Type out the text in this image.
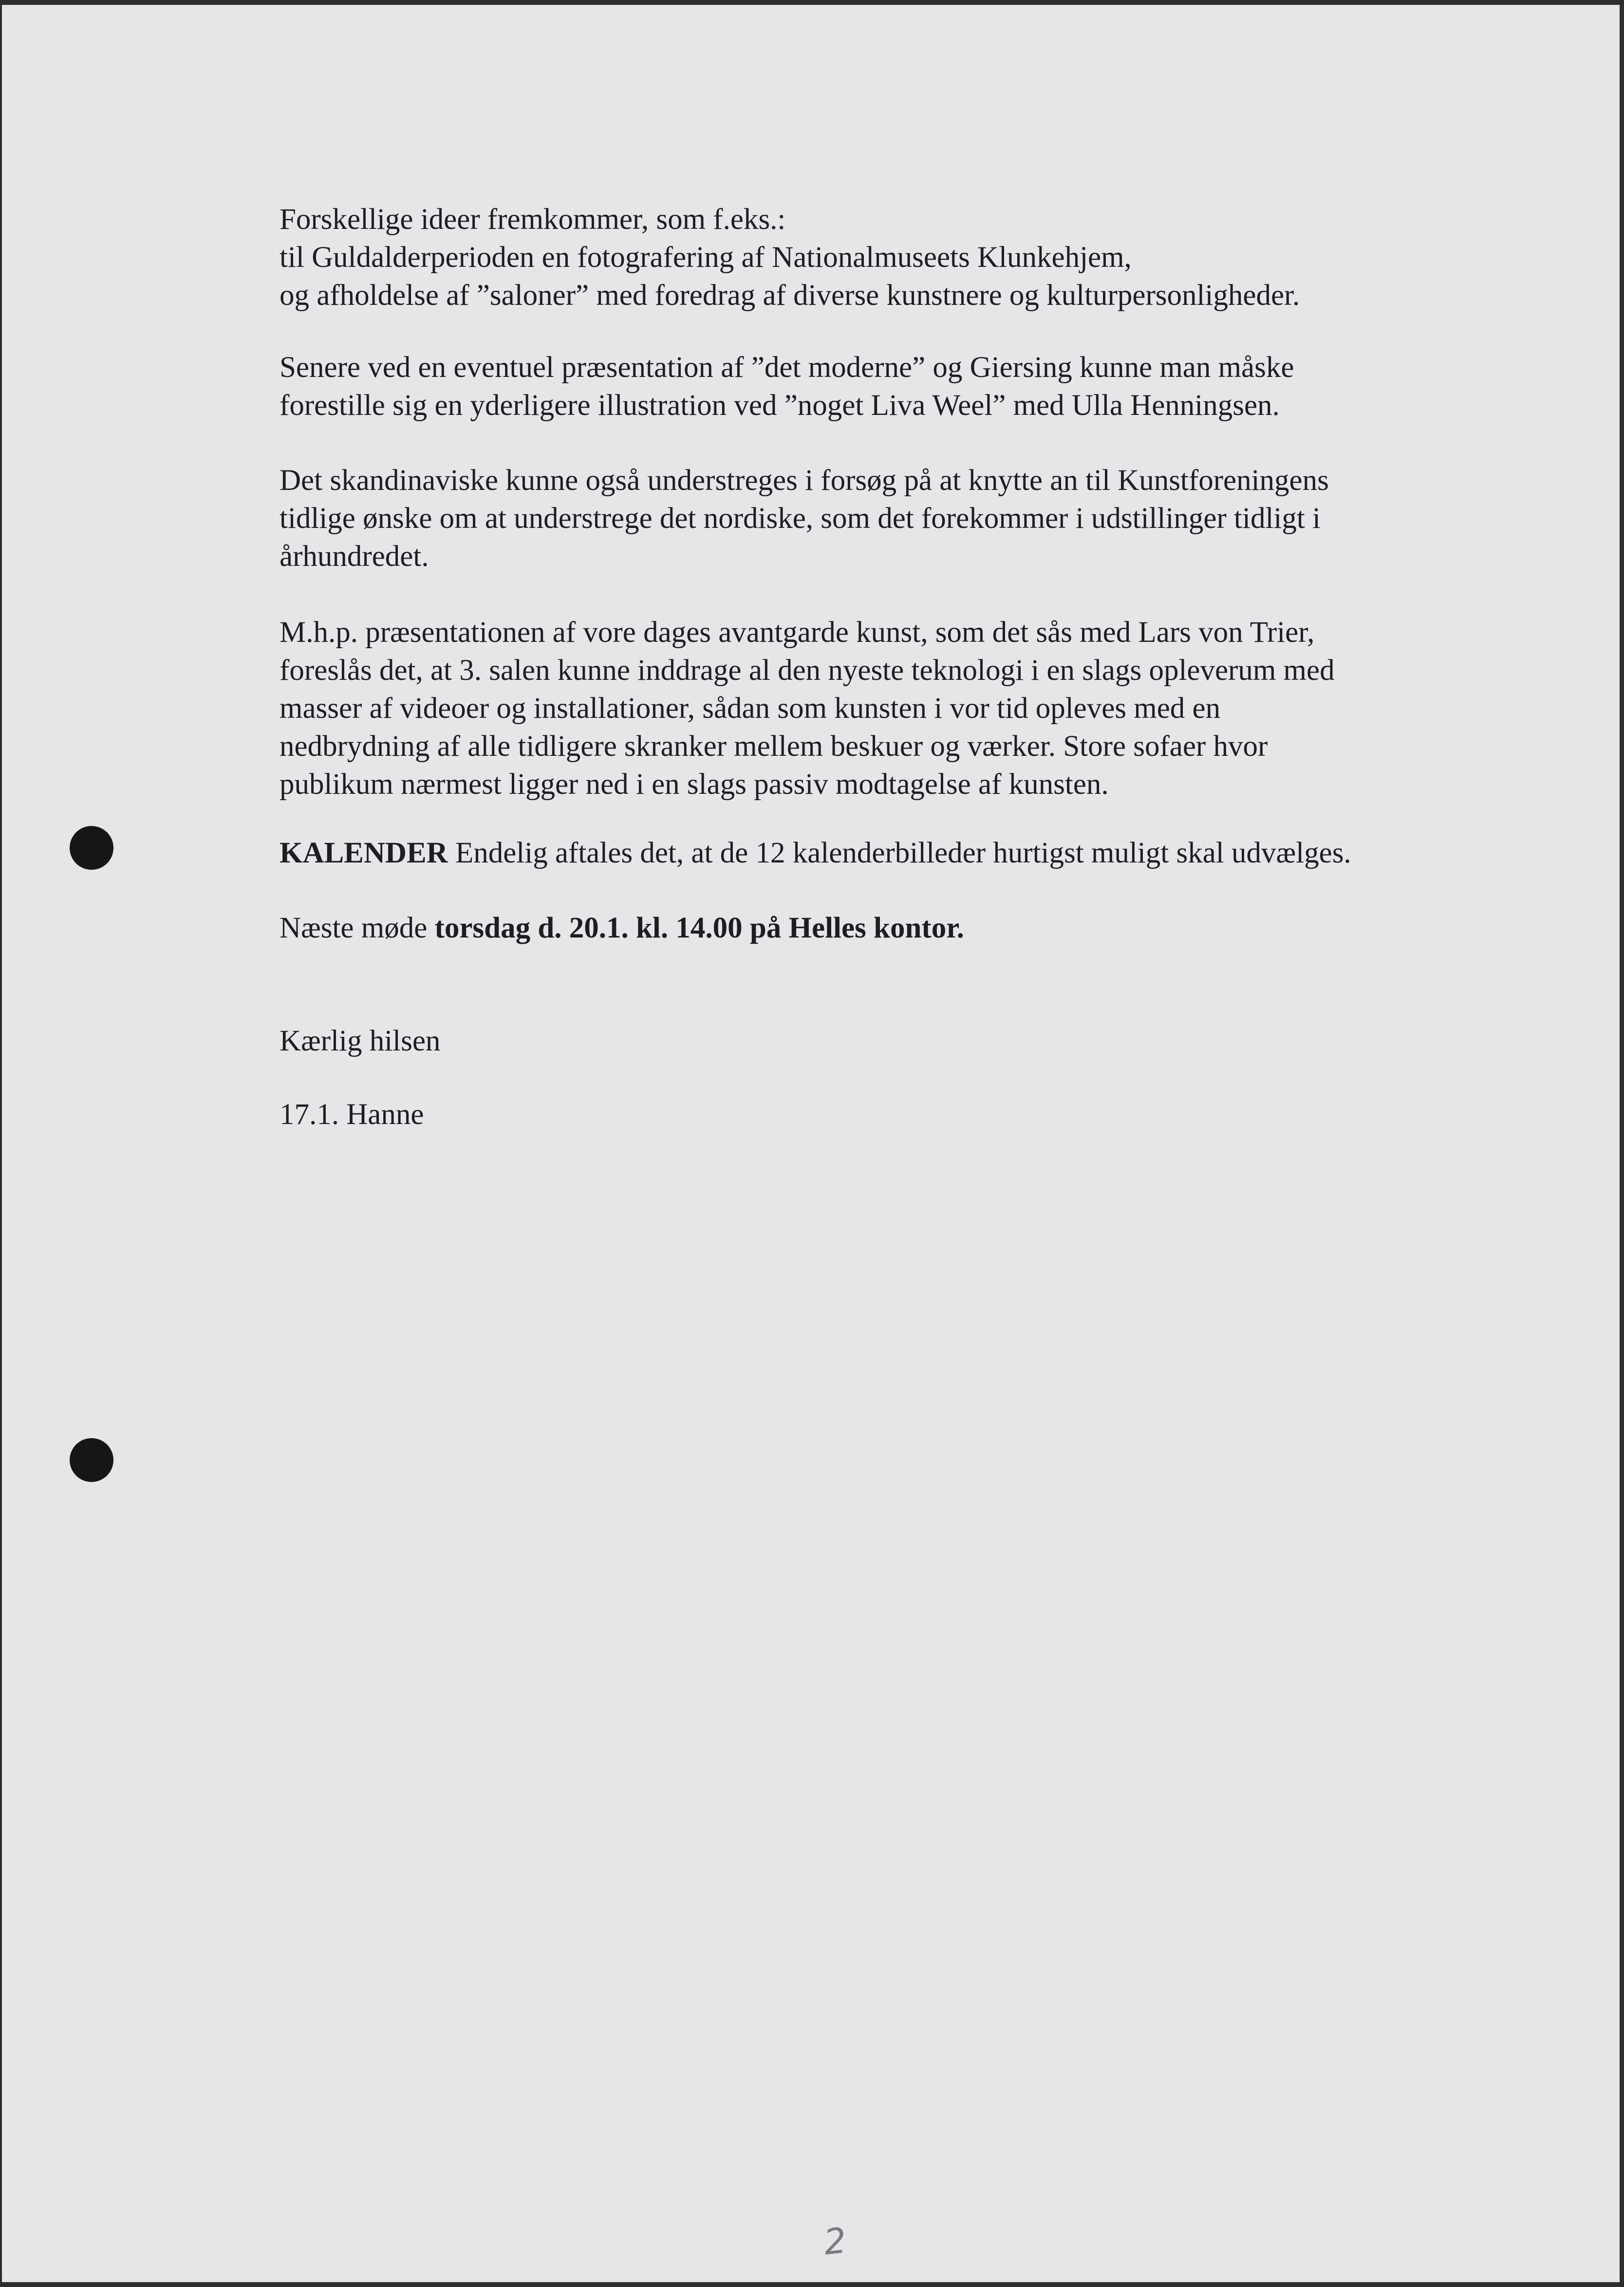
Forskellige ideer fremkommer, som f.eks.:
til Guldalderperioden en fotografering af Nationalmuseets Klunkehjem,
og afholdelse af ”saloner” med foredrag af diverse kunstnere og kulturpersonligheder.

Senere ved en eventuel præsentation af ”det moderne” og Giersing kunne man måske
forestille sig en yderligere illustration ved ”noget Liva Weel” med Ulla Henningsen.

Det skandinaviske kunne også understreges i forsøg på at knytte an til Kunstforeningens
tidlige ønske om at understrege det nordiske, som det forekommer i udstillinger tidligt i
århundredet.

M.h.p. præsentationen af vore dages avantgarde kunst, som det sås med Lars von Trier,
foreslås det, at 3. salen kunne inddrage al den nyeste teknologi i en slags opleverum med
masser af videoer og installationer, sådan som kunsten i vor tid opleves med en
nedbrydning af alle tidligere skranker mellem beskuer og værker. Store sofaer hvor
publikum nærmest ligger ned i en slags passiv modtagelse af kunsten.

KALENDER Endelig aftales det, at de 12 kalenderbilleder hurtigst muligt skal udvælges.

Næste møde torsdag d. 20.1. kl. 14.00 på Helles kontor.

Kærlig hilsen

17.1. Hanne

2
